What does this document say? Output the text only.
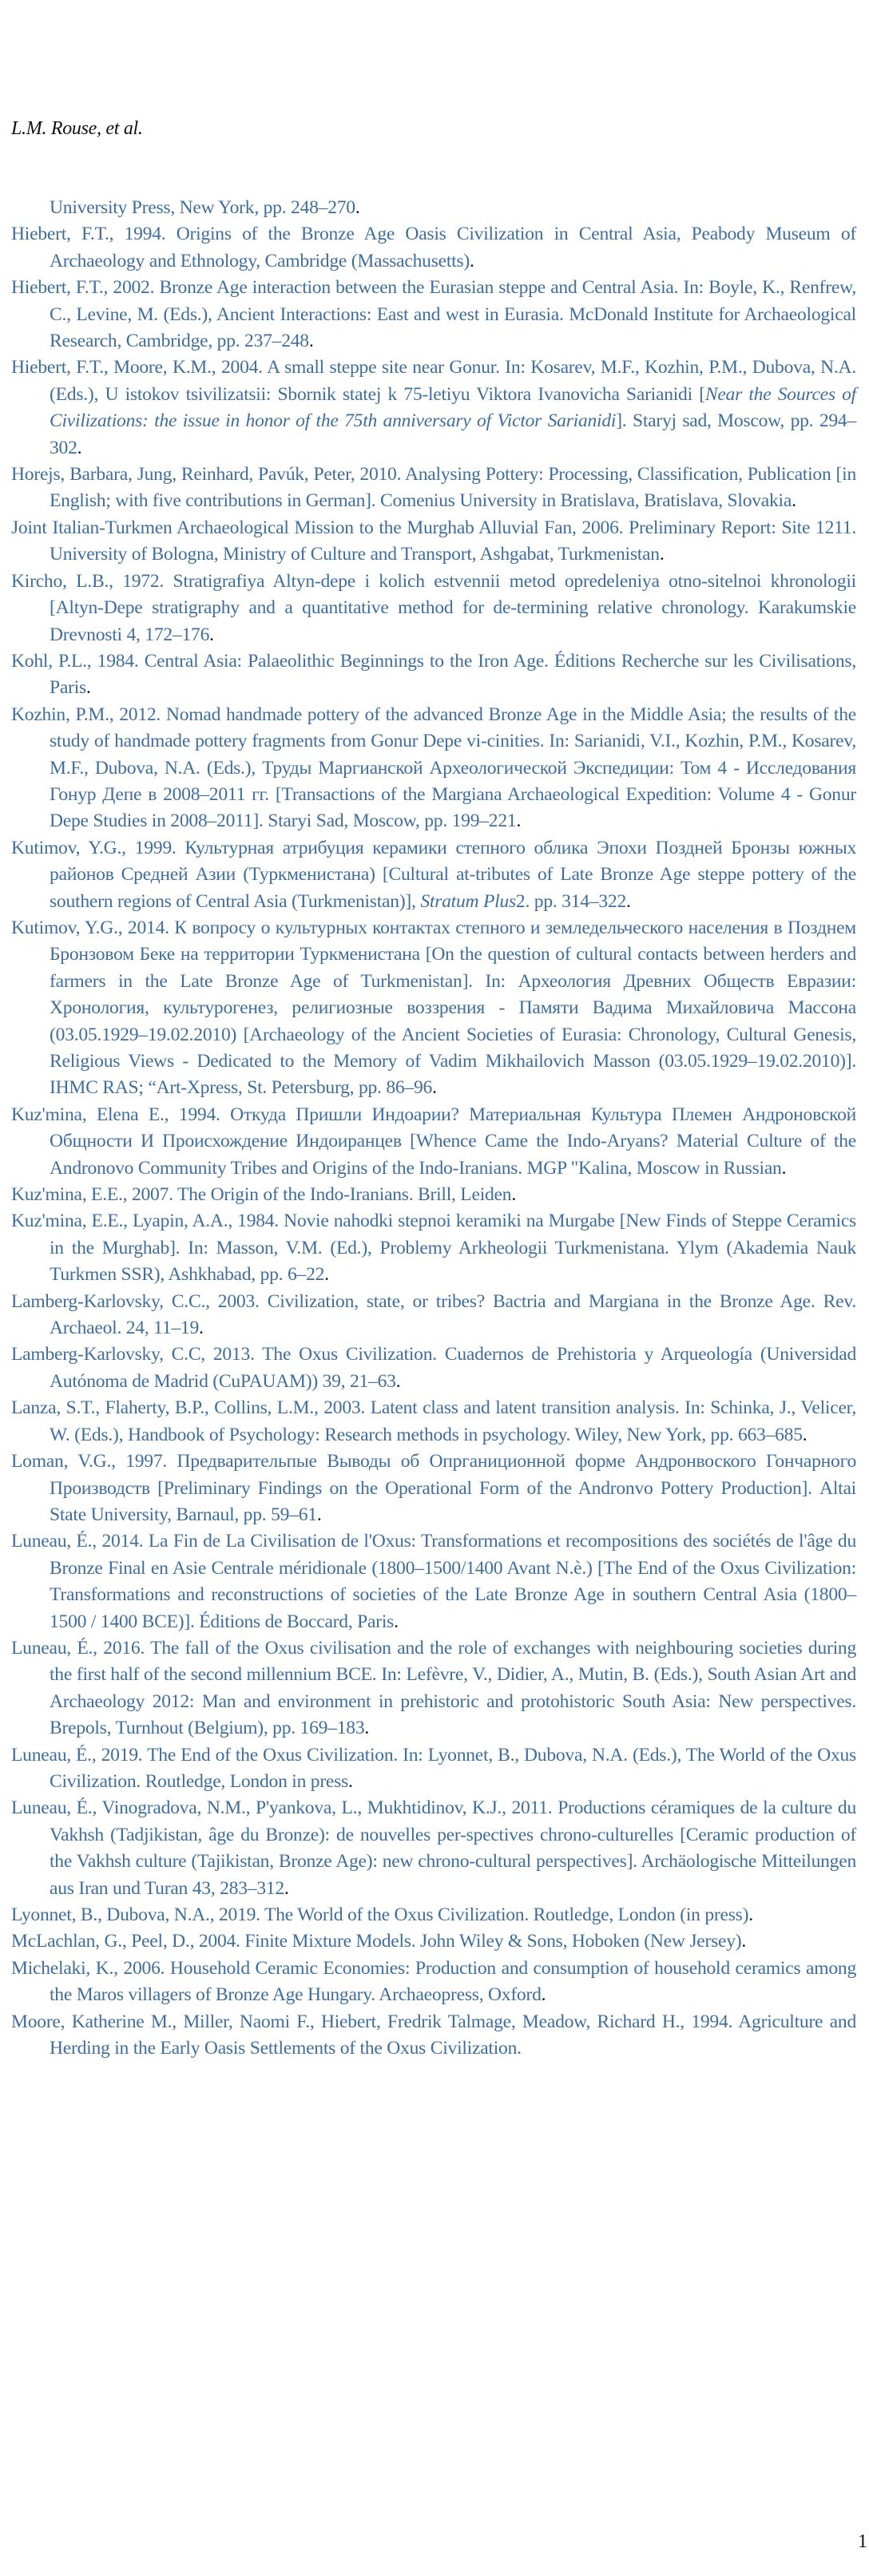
L.M. Rouse, et al.

University Press, New York, pp. 248–270.

Hiebert, F.T., 1994. Origins of the Bronze Age Oasis Civilization in Central Asia, Peabody Museum of Archaeology and Ethnology, Cambridge (Massachusetts).

Hiebert, F.T., 2002. Bronze Age interaction between the Eurasian steppe and Central Asia. In: Boyle, K., Renfrew, C., Levine, M. (Eds.), Ancient Interactions: East and west in Eurasia. McDonald Institute for Archaeological Research, Cambridge, pp. 237–248.

Hiebert, F.T., Moore, K.M., 2004. A small steppe site near Gonur. In: Kosarev, M.F., Kozhin, P.M., Dubova, N.A. (Eds.), U istokov tsivilizatsii: Sbornik statej k 75-letiyu Viktora Ivanovicha Sarianidi [Near the Sources of Civilizations: the issue in honor of the 75th anniversary of Victor Sarianidi]. Staryj sad, Moscow, pp. 294–302.

Horejs, Barbara, Jung, Reinhard, Pavúk, Peter, 2010. Analysing Pottery: Processing, Classification, Publication [in English; with five contributions in German]. Comenius University in Bratislava, Bratislava, Slovakia.

Joint Italian-Turkmen Archaeological Mission to the Murghab Alluvial Fan, 2006. Preliminary Report: Site 1211. University of Bologna, Ministry of Culture and Transport, Ashgabat, Turkmenistan.

Kircho, L.B., 1972. Stratigrafiya Altyn-depe i kolich estvennii metod opredeleniya otno-sitelnoi khronologii [Altyn-Depe stratigraphy and a quantitative method for de-termining relative chronology. Karakumskie Drevnosti 4, 172–176.

Kohl, P.L., 1984. Central Asia: Palaeolithic Beginnings to the Iron Age. Éditions Recherche sur les Civilisations, Paris.

Kozhin, P.M., 2012. Nomad handmade pottery of the advanced Bronze Age in the Middle Asia; the results of the study of handmade pottery fragments from Gonur Depe vi-cinities. In: Sarianidi, V.I., Kozhin, P.M., Kosarev, M.F., Dubova, N.A. (Eds.), Труды Маргианской Археологической Экспедиции: Том 4 - Исследования Гонур Депе в 2008–2011 гг. [Transactions of the Margiana Archaeological Expedition: Volume 4 - Gonur Depe Studies in 2008–2011]. Staryi Sad, Moscow, pp. 199–221.

Kutimov, Y.G., 1999. Культурная атрибуция керамики степного облика Эпохи Поздней Бронзы южных районов Средней Азии (Туркменистана) [Cultural at-tributes of Late Bronze Age steppe pottery of the southern regions of Central Asia (Turkmenistan)], Stratum Plus2. pp. 314–322.

Kutimov, Y.G., 2014. К вопросу о культурных контактах степного и земледельческого населения в Позднем Бронзовом Беке на территории Туркменистана [On the question of cultural contacts between herders and farmers in the Late Bronze Age of Turkmenistan]. In: Археология Древних Обществ Евразии: Хронология, культурогенез, религиозные воззрения - Памяти Вадима Михайловича Массона (03.05.1929–19.02.2010) [Archaeology of the Ancient Societies of Eurasia: Chronology, Cultural Genesis, Religious Views - Dedicated to the Memory of Vadim Mikhailovich Masson (03.05.1929–19.02.2010)]. IHMC RAS; “Art-Xpress, St. Petersburg, pp. 86–96.

Kuz'mina, Elena E., 1994. Откуда Пришли Индоарии? Материальная Культура Племен Андроновской Общности И Происхождение Индоиранцев [Whence Came the Indo-Aryans? Material Culture of the Andronovo Community Tribes and Origins of the Indo-Iranians. MGP "Kalina, Moscow in Russian.

Kuz'mina, E.E., 2007. The Origin of the Indo-Iranians. Brill, Leiden.

Kuz'mina, E.E., Lyapin, A.A., 1984. Novie nahodki stepnoi keramiki na Murgabe [New Finds of Steppe Ceramics in the Murghab]. In: Masson, V.M. (Ed.), Problemy Arkheologii Turkmenistana. Ylym (Akademia Nauk Turkmen SSR), Ashkhabad, pp. 6–22.

Lamberg-Karlovsky, C.C., 2003. Civilization, state, or tribes? Bactria and Margiana in the Bronze Age. Rev. Archaeol. 24, 11–19.

Lamberg-Karlovsky, C.C, 2013. The Oxus Civilization. Cuadernos de Prehistoria y Arqueología (Universidad Autónoma de Madrid (CuPAUAM)) 39, 21–63.

Lanza, S.T., Flaherty, B.P., Collins, L.M., 2003. Latent class and latent transition analysis. In: Schinka, J., Velicer, W. (Eds.), Handbook of Psychology: Research methods in psychology. Wiley, New York, pp. 663–685.

Loman, V.G., 1997. Предварительпые Выводы об Опрганиционной форме Андронвоского Гончарного Производств [Preliminary Findings on the Operational Form of the Andronvo Pottery Production]. Altai State University, Barnaul, pp. 59–61.

Luneau, É., 2014. La Fin de La Civilisation de l'Oxus: Transformations et recompositions des sociétés de l'âge du Bronze Final en Asie Centrale méridionale (1800–1500/1400 Avant N.è.) [The End of the Oxus Civilization: Transformations and reconstructions of societies of the Late Bronze Age in southern Central Asia (1800–1500 / 1400 BCE)]. Éditions de Boccard, Paris.

Luneau, É., 2016. The fall of the Oxus civilisation and the role of exchanges with neighbouring societies during the first half of the second millennium BCE. In: Lefèvre, V., Didier, A., Mutin, B. (Eds.), South Asian Art and Archaeology 2012: Man and environment in prehistoric and protohistoric South Asia: New perspectives. Brepols, Turnhout (Belgium), pp. 169–183.

Luneau, É., 2019. The End of the Oxus Civilization. In: Lyonnet, B., Dubova, N.A. (Eds.), The World of the Oxus Civilization. Routledge, London in press.

Luneau, É., Vinogradova, N.M., P'yankova, L., Mukhtidinov, K.J., 2011. Productions céramiques de la culture du Vakhsh (Tadjikistan, âge du Bronze): de nouvelles per-spectives chrono-culturelles [Ceramic production of the Vakhsh culture (Tajikistan, Bronze Age): new chrono-cultural perspectives]. Archäologische Mitteilungen aus Iran und Turan 43, 283–312.

Lyonnet, B., Dubova, N.A., 2019. The World of the Oxus Civilization. Routledge, London (in press).

McLachlan, G., Peel, D., 2004. Finite Mixture Models. John Wiley & Sons, Hoboken (New Jersey).

Michelaki, K., 2006. Household Ceramic Economies: Production and consumption of household ceramics among the Maros villagers of Bronze Age Hungary. Archaeopress, Oxford.

Moore, Katherine M., Miller, Naomi F., Hiebert, Fredrik Talmage, Meadow, Richard H., 1994. Agriculture and Herding in the Early Oasis Settlements of the Oxus Civilization.

1
